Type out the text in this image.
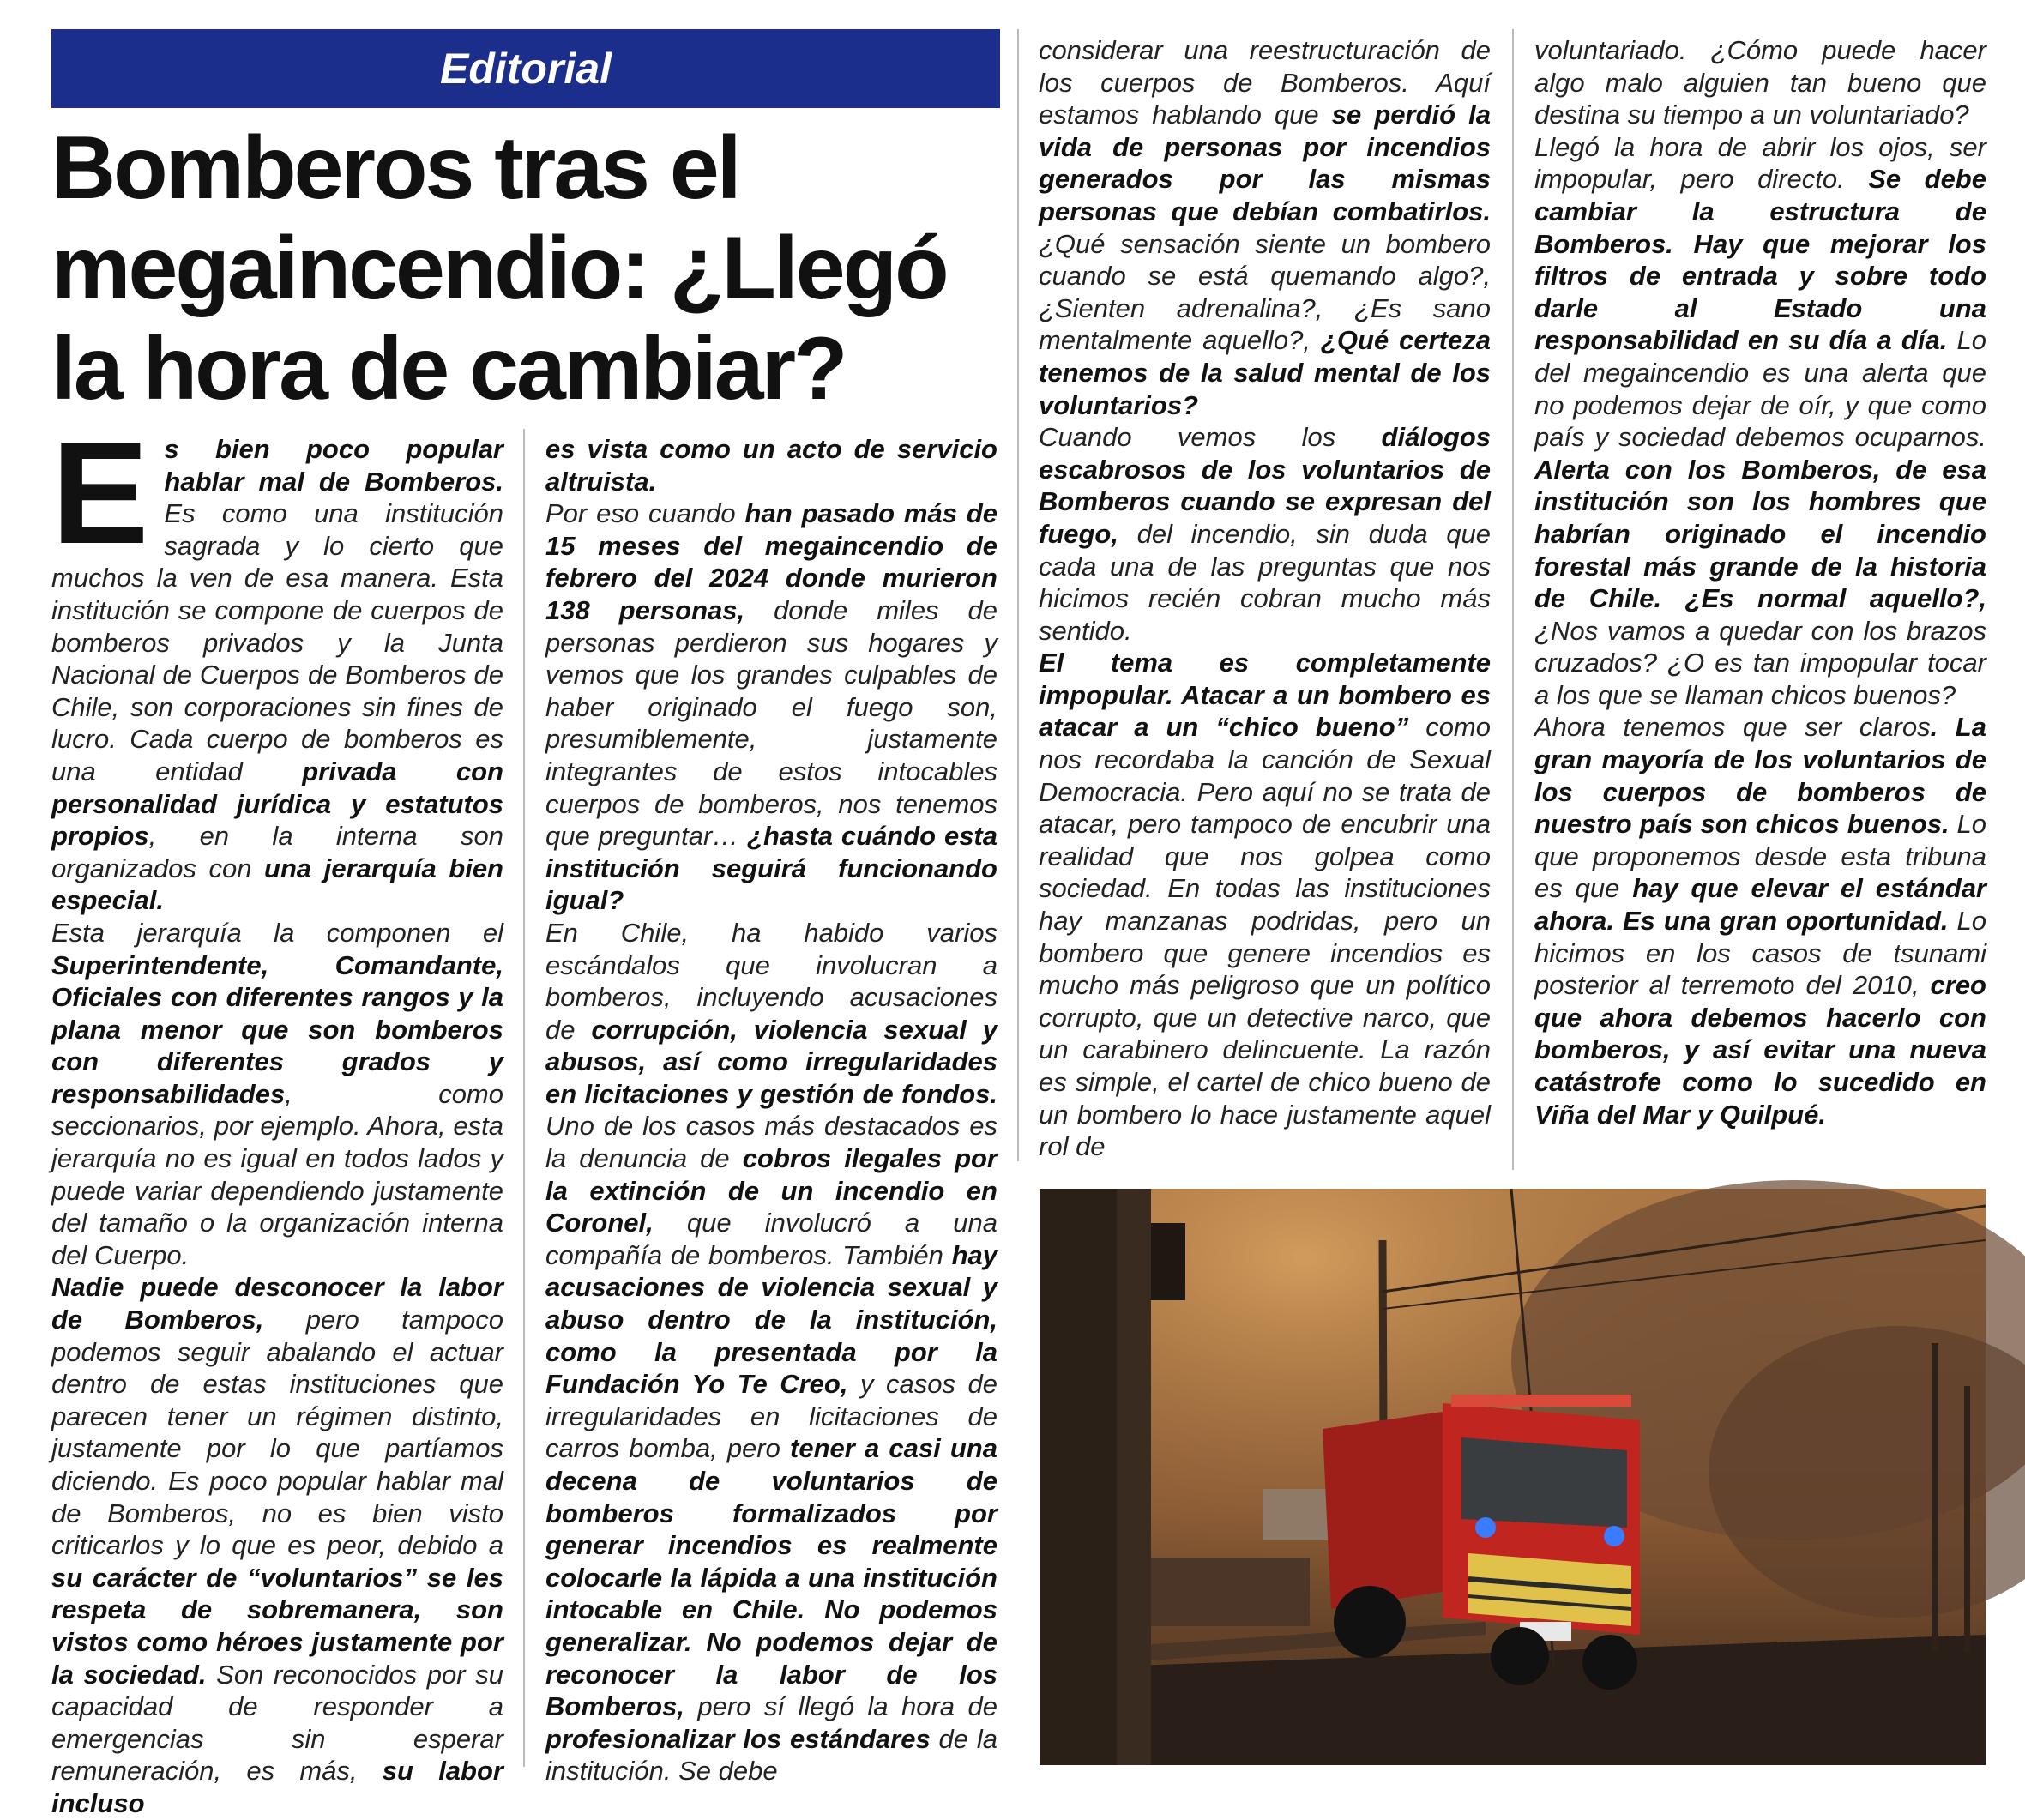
Editorial
Bomberos tras el megaincendio: ¿Llegó la hora de cambiar?

Es bien poco popular hablar mal de Bomberos. Es como una institución sagrada y lo cierto que muchos la ven de esa manera. Esta institución se compone de cuerpos de bomberos privados y la Junta Nacional de Cuerpos de Bomberos de Chile, son corporaciones sin fines de lucro. Cada cuerpo de bomberos es una entidad privada con personalidad jurídica y estatutos propios, en la interna son organizados con una jerarquía bien especial.

Esta jerarquía la componen el Superintendente, Comandante, Oficiales con diferentes rangos y la plana menor que son bomberos con diferentes grados y responsabilidades, como seccionarios, por ejemplo. Ahora, esta jerarquía no es igual en todos lados y puede variar dependiendo justamente del tamaño o la organización interna del Cuerpo.

Nadie puede desconocer la labor de Bomberos, pero tampoco podemos seguir abalando el actuar dentro de estas instituciones que parecen tener un régimen distinto, justamente por lo que partíamos diciendo. Es poco popular hablar mal de Bomberos, no es bien visto criticarlos y lo que es peor, debido a su carácter de “voluntarios” se les respeta de sobremanera, son vistos como héroes justamente por la sociedad. Son reconocidos por su capacidad de responder a emergencias sin esperar remuneración, es más, su labor incluso

es vista como un acto de servicio altruista.

Por eso cuando han pasado más de 15 meses del megaincendio de febrero del 2024 donde murieron 138 personas, donde miles de personas perdieron sus hogares y vemos que los grandes culpables de haber originado el fuego son, presumiblemente, justamente integrantes de estos intocables cuerpos de bomberos, nos tenemos que preguntar… ¿hasta cuándo esta institución seguirá funcionando igual?

En Chile, ha habido varios escándalos que involucran a bomberos, incluyendo acusaciones de corrupción, violencia sexual y abusos, así como irregularidades en licitaciones y gestión de fondos. Uno de los casos más destacados es la denuncia de cobros ilegales por la extinción de un incendio en Coronel, que involucró a una compañía de bomberos. También hay acusaciones de violencia sexual y abuso dentro de la institución, como la presentada por la Fundación Yo Te Creo, y casos de irregularidades en licitaciones de carros bomba, pero tener a casi una decena de voluntarios de bomberos formalizados por generar incendios es realmente colocarle la lápida a una institución intocable en Chile. No podemos generalizar. No podemos dejar de reconocer la labor de los Bomberos, pero sí llegó la hora de profesionalizar los estándares de la institución. Se debe

considerar una reestructuración de los cuerpos de Bomberos. Aquí estamos hablando que se perdió la vida de personas por incendios generados por las mismas personas que debían combatirlos. ¿Qué sensación siente un bombero cuando se está quemando algo?, ¿Sienten adrenalina?, ¿Es sano mentalmente aquello?, ¿Qué certeza tenemos de la salud mental de los voluntarios?

Cuando vemos los diálogos escabrosos de los voluntarios de Bomberos cuando se expresan del fuego, del incendio, sin duda que cada una de las preguntas que nos hicimos recién cobran mucho más sentido.

El tema es completamente impopular. Atacar a un bombero es atacar a un “chico bueno” como nos recordaba la canción de Sexual Democracia. Pero aquí no se trata de atacar, pero tampoco de encubrir una realidad que nos golpea como sociedad. En todas las instituciones hay manzanas podridas, pero un bombero que genere incendios es mucho más peligroso que un político corrupto, que un detective narco, que un carabinero delincuente. La razón es simple, el cartel de chico bueno de un bombero lo hace justamente aquel rol de

voluntariado. ¿Cómo puede hacer algo malo alguien tan bueno que destina su tiempo a un voluntariado?

Llegó la hora de abrir los ojos, ser impopular, pero directo. Se debe cambiar la estructura de Bomberos. Hay que mejorar los filtros de entrada y sobre todo darle al Estado una responsabilidad en su día a día. Lo del megaincendio es una alerta que no podemos dejar de oír, y que como país y sociedad debemos ocuparnos. Alerta con los Bomberos, de esa institución son los hombres que habrían originado el incendio forestal más grande de la historia de Chile. ¿Es normal aquello?, ¿Nos vamos a quedar con los brazos cruzados? ¿O es tan impopular tocar a los que se llaman chicos buenos?

Ahora tenemos que ser claros. La gran mayoría de los voluntarios de los cuerpos de bomberos de nuestro país son chicos buenos. Lo que proponemos desde esta tribuna es que hay que elevar el estándar ahora. Es una gran oportunidad. Lo hicimos en los casos de tsunami posterior al terremoto del 2010, creo que ahora debemos hacerlo con bomberos, y así evitar una nueva catástrofe como lo sucedido en Viña del Mar y Quilpué.
